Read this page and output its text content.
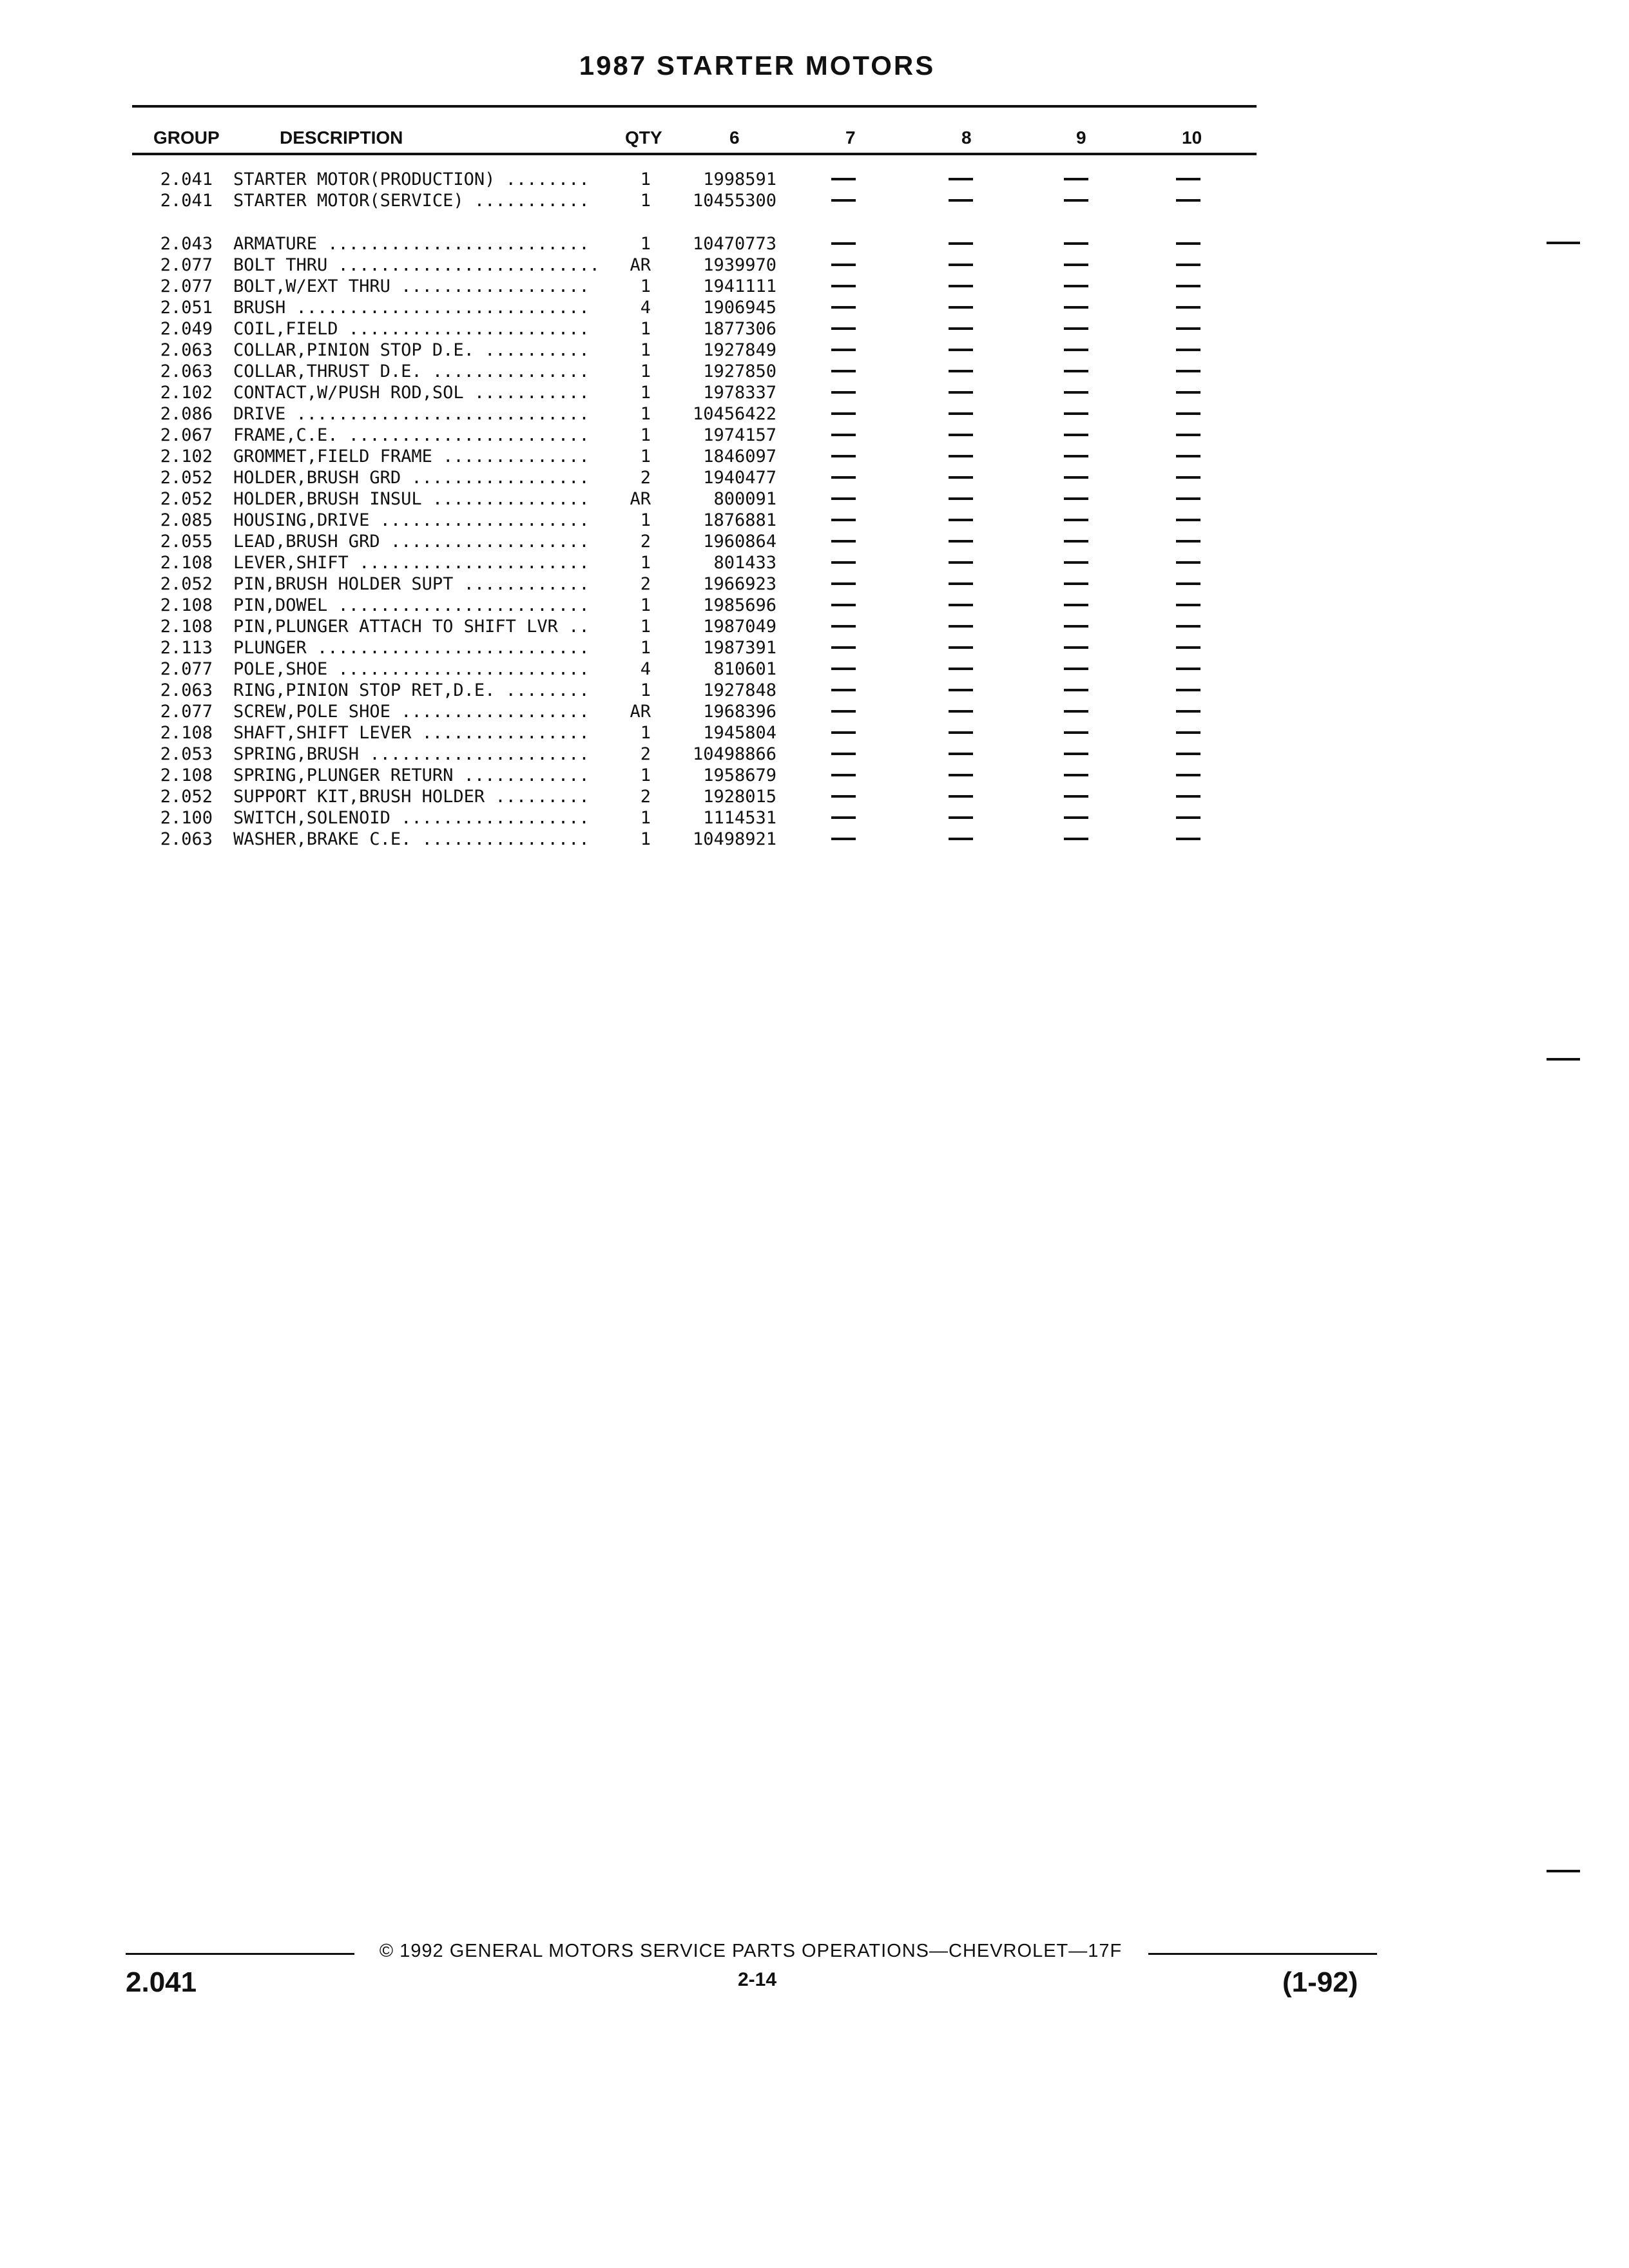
1987 STARTER MOTORS
GROUP	DESCRIPTION	QTY	6	7	8	9	10
2.041 STARTER MOTOR(PRODUCTION) ........	1	1998591
2.041 STARTER MOTOR(SERVICE) ...........	1	10455300
2.043 ARMATURE .........................	1	10470773
2.077 BOLT THRU .........................	AR	1939970
2.077 BOLT,W/EXT THRU ..................	1	1941111
2.051 BRUSH ............................	4	1906945
2.049 COIL,FIELD .......................	1	1877306
2.063 COLLAR,PINION STOP D.E. ..........	1	1927849
2.063 COLLAR,THRUST D.E. ...............	1	1927850
2.102 CONTACT,W/PUSH ROD,SOL ...........	1	1978337
2.086 DRIVE ............................	1	10456422
2.067 FRAME,C.E. .......................	1	1974157
2.102 GROMMET,FIELD FRAME ..............	1	1846097
2.052 HOLDER,BRUSH GRD .................	2	1940477
2.052 HOLDER,BRUSH INSUL ...............	AR	800091
2.085 HOUSING,DRIVE ....................	1	1876881
2.055 LEAD,BRUSH GRD ...................	2	1960864
2.108 LEVER,SHIFT ......................	1	801433
2.052 PIN,BRUSH HOLDER SUPT ............	2	1966923
2.108 PIN,DOWEL ........................	1	1985696
2.108 PIN,PLUNGER ATTACH TO SHIFT LVR ..	1	1987049
2.113 PLUNGER ..........................	1	1987391
2.077 POLE,SHOE ........................	4	810601
2.063 RING,PINION STOP RET,D.E. ........	1	1927848
2.077 SCREW,POLE SHOE ..................	AR	1968396
2.108 SHAFT,SHIFT LEVER ................	1	1945804
2.053 SPRING,BRUSH .....................	2	10498866
2.108 SPRING,PLUNGER RETURN ............	1	1958679
2.052 SUPPORT KIT,BRUSH HOLDER .........	2	1928015
2.100 SWITCH,SOLENOID ..................	1	1114531
2.063 WASHER,BRAKE C.E. ................	1	10498921
© 1992 GENERAL MOTORS SERVICE PARTS OPERATIONS—CHEVROLET—17F
2.041	2-14	(1-92)
